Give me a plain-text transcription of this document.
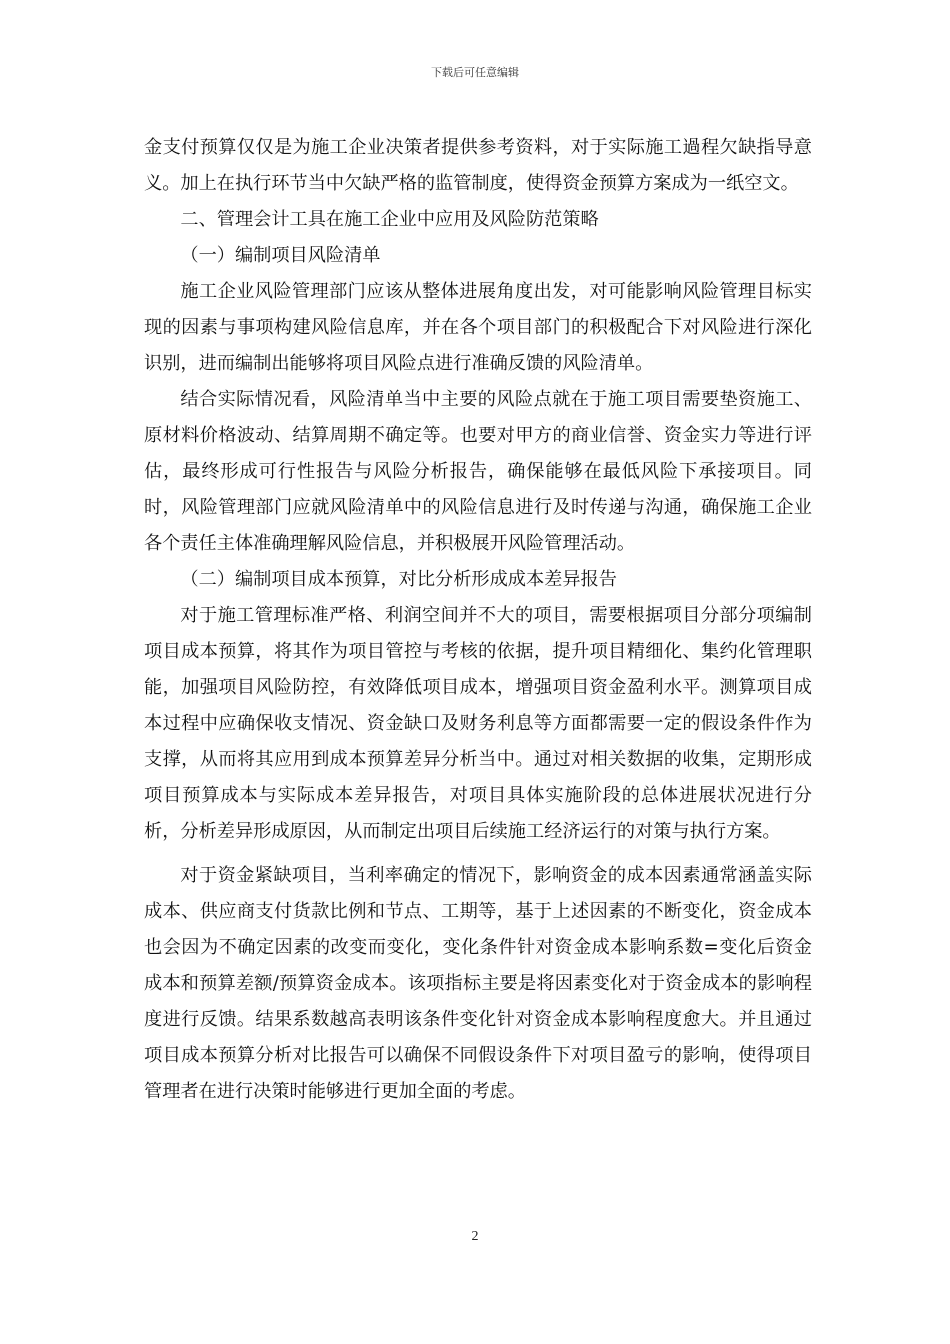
下载后可任意编辑

金支付预算仅仅是为施工企业决策者提供参考资料，对于实际施工過程欠缺指导意义。加上在执行环节当中欠缺严格的监管制度，使得资金预算方案成为一纸空文。

二、管理会计工具在施工企业中应用及风险防范策略

（一）编制项目风险清单

施工企业风险管理部门应该从整体进展角度出发，对可能影响风险管理目标实现的因素与事项构建风险信息库，并在各个项目部门的积极配合下对风险进行深化识别，进而编制出能够将项目风险点进行准确反馈的风险清单。

结合实际情况看，风险清单当中主要的风险点就在于施工项目需要垫资施工、原材料价格波动、结算周期不确定等。也要对甲方的商业信誉、资金实力等进行评估，最终形成可行性报告与风险分析报告，确保能够在最低风险下承接项目。同时，风险管理部门应就风险清单中的风险信息进行及时传递与沟通，确保施工企业各个责任主体准确理解风险信息，并积极展开风险管理活动。

（二）编制项目成本预算，对比分析形成成本差异报告

对于施工管理标准严格、利润空间并不大的项目，需要根据项目分部分项编制项目成本预算，将其作为项目管控与考核的依据，提升项目精细化、集约化管理职能，加强项目风险防控，有效降低项目成本，增强项目资金盈利水平。测算项目成本过程中应确保收支情况、资金缺口及财务利息等方面都需要一定的假设条件作为支撑，从而将其应用到成本预算差异分析当中。通过对相关数据的收集，定期形成项目预算成本与实际成本差异报告，对项目具体实施阶段的总体进展状况进行分析，分析差异形成原因，从而制定出项目后续施工经济运行的对策与执行方案。

对于资金紧缺项目，当利率确定的情况下，影响资金的成本因素通常涵盖实际成本、供应商支付货款比例和节点、工期等，基于上述因素的不断变化，资金成本也会因为不确定因素的改变而变化，变化条件针对资金成本影响系数=变化后资金成本和预算差额/预算资金成本。该项指标主要是将因素变化对于资金成本的影响程度进行反馈。结果系数越高表明该条件变化针对资金成本影响程度愈大。并且通过项目成本预算分析对比报告可以确保不同假设条件下对项目盈亏的影响，使得项目管理者在进行决策时能够进行更加全面的考虑。

2
